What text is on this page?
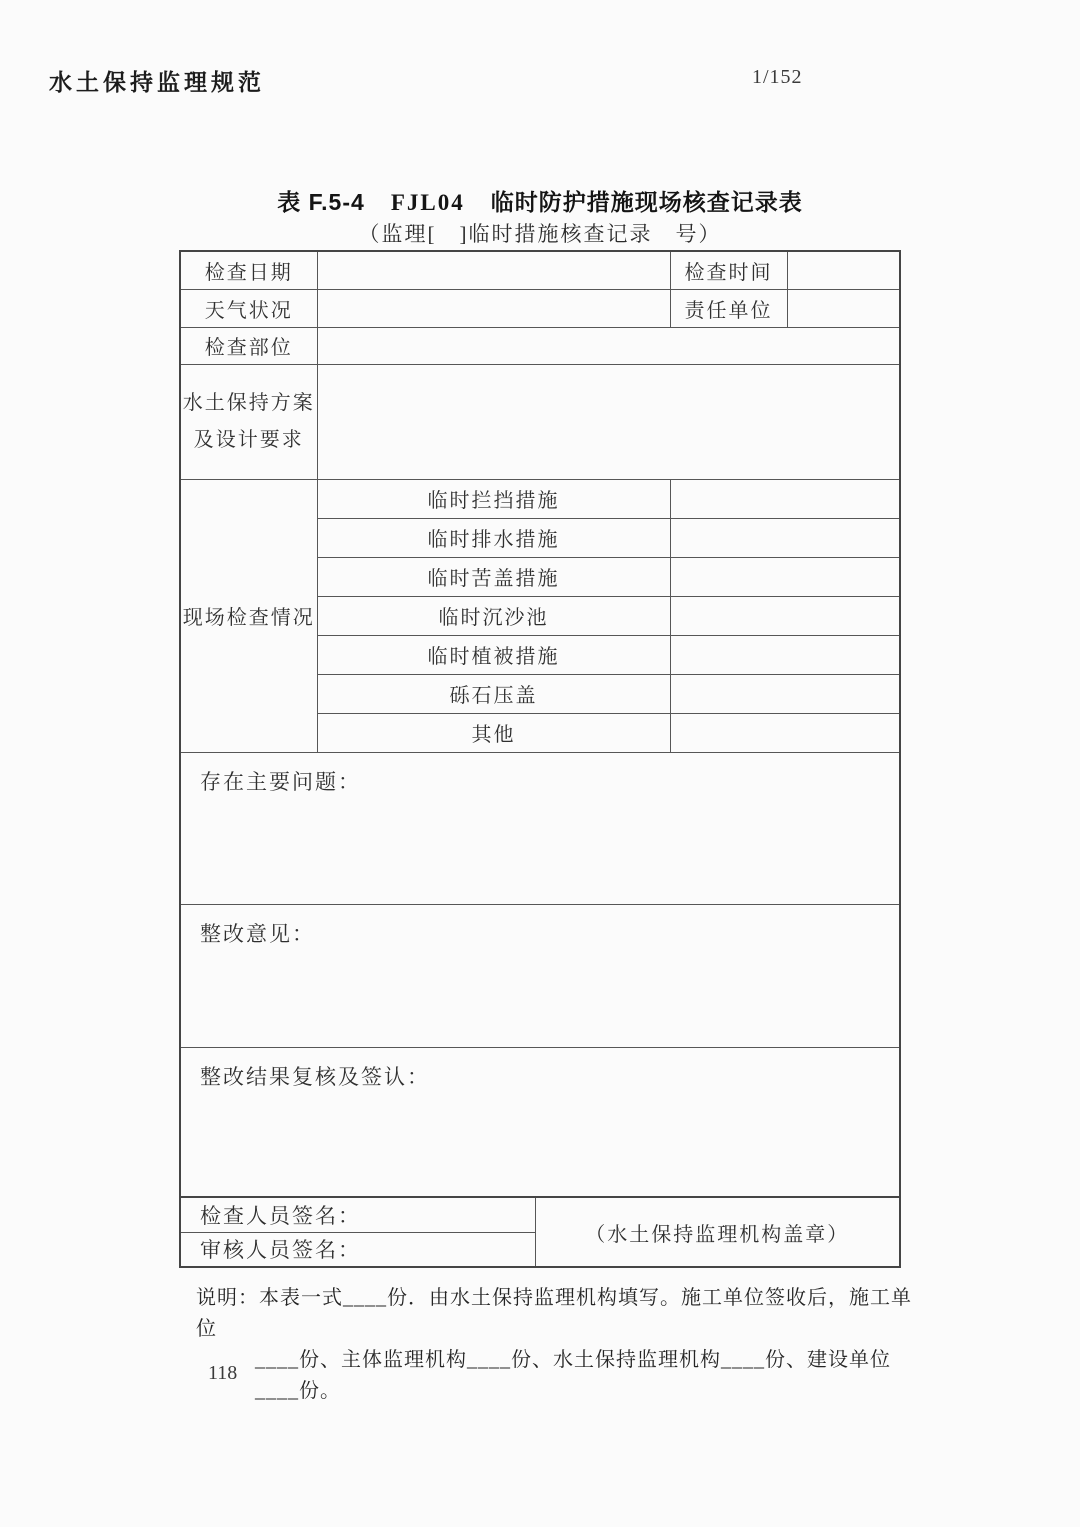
水土保持监理规范	1/152
表 F.5-4 FJL04 临时防护措施现场核查记录表
（监理[　]临时措施核查记录　号）
检查日期		检查时间	
天气状况		责任单位	
检查部位			

水土保持方案
及设计要求			

现场检查情况	临时拦挡措施		
	临时排水措施		
	临时苦盖措施		
	临时沉沙池		
	临时植被措施		
	砾石压盖		
	其他		
存在主要问题：			
整改意见：			
整改结果复核及签认：			
检查人员签名：	（水土保持监理机构盖章）
审核人员签名：
说明：本表一式____份．由水土保持监理机构填写。施工单位签收后，施工单位
____份、主体监理机构____份、水土保持监理机构____份、建设单位____份。
118
